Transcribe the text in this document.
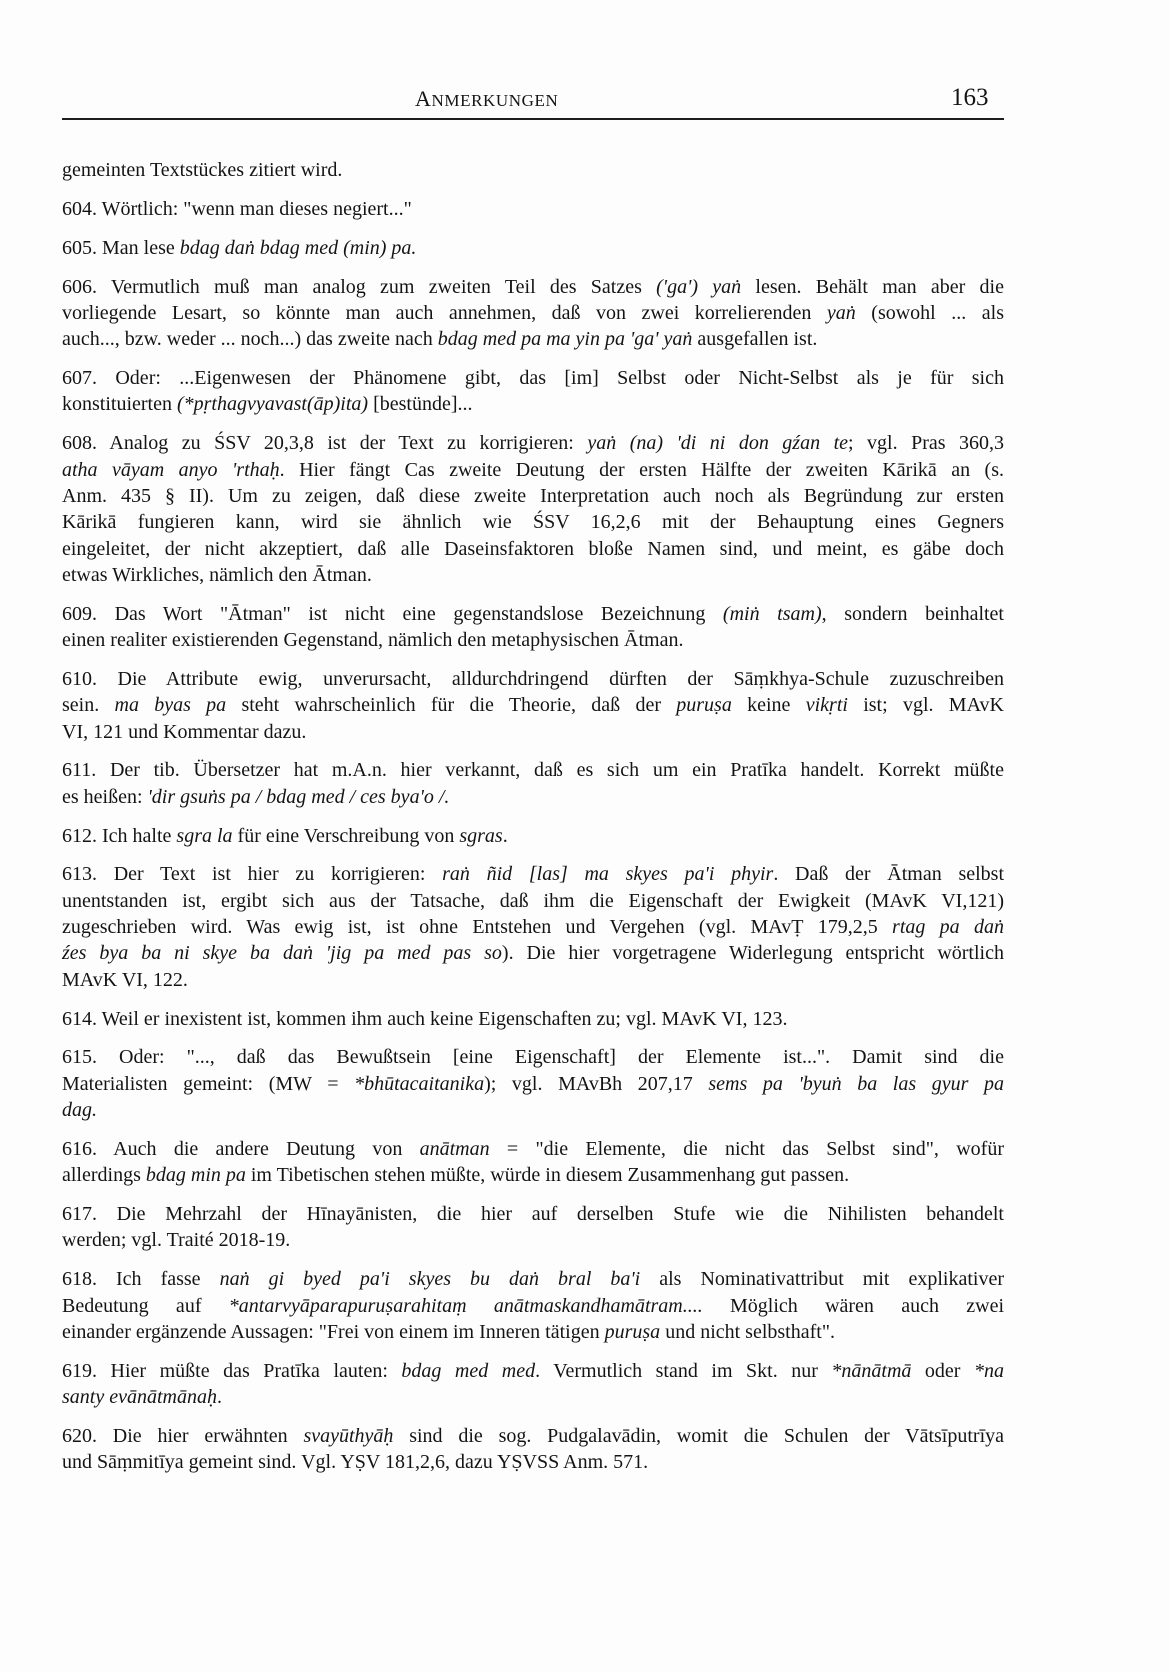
ANMERKUNGEN	163
gemeinten Textstückes zitiert wird.
604. Wörtlich: "wenn man dieses negiert..."
605. Man lese bdag daṅ bdag med (min) pa.
606. Vermutlich muß man analog zum zweiten Teil des Satzes ('ga') yaṅ lesen. Behält man aber die
vorliegende Lesart, so könnte man auch annehmen, daß von zwei korrelierenden yaṅ (sowohl ... als
auch..., bzw. weder ... noch...) das zweite nach bdag med pa ma yin pa 'ga' yaṅ ausgefallen ist.
607. Oder: ...Eigenwesen der Phänomene gibt, das [im] Selbst oder Nicht-Selbst als je für sich
konstituierten (*pṛthagvyavast(āp)ita) [bestünde]...
608. Analog zu ŚSV 20,3,8 ist der Text zu korrigieren: yaṅ (na) 'di ni don gźan te; vgl. Pras 360,3
atha vāyam anyo 'rthaḥ. Hier fängt Cas zweite Deutung der ersten Hälfte der zweiten Kārikā an (s.
Anm. 435 § II). Um zu zeigen, daß diese zweite Interpretation auch noch als Begründung zur ersten
Kārikā fungieren kann, wird sie ähnlich wie ŚSV 16,2,6 mit der Behauptung eines Gegners
eingeleitet, der nicht akzeptiert, daß alle Daseinsfaktoren bloße Namen sind, und meint, es gäbe doch
etwas Wirkliches, nämlich den Ātman.
609. Das Wort "Ātman" ist nicht eine gegenstandslose Bezeichnung (miṅ tsam), sondern beinhaltet
einen realiter existierenden Gegenstand, nämlich den metaphysischen Ātman.
610. Die Attribute ewig, unverursacht, alldurchdringend dürften der Sāṃkhya-Schule zuzuschreiben
sein. ma byas pa steht wahrscheinlich für die Theorie, daß der puruṣa keine vikṛti ist; vgl. MAvK
VI, 121 und Kommentar dazu.
611. Der tib. Übersetzer hat m.A.n. hier verkannt, daß es sich um ein Pratīka handelt. Korrekt müßte
es heißen: 'dir gsuṅs pa / bdag med / ces bya'o /.
612. Ich halte sgra la für eine Verschreibung von sgras.
613. Der Text ist hier zu korrigieren: raṅ ñid [las] ma skyes pa'i phyir. Daß der Ātman selbst
unentstanden ist, ergibt sich aus der Tatsache, daß ihm die Eigenschaft der Ewigkeit (MAvK VI,121)
zugeschrieben wird. Was ewig ist, ist ohne Entstehen und Vergehen (vgl. MAvṬ 179,2,5 rtag pa daṅ
źes bya ba ni skye ba daṅ 'jig pa med pas so). Die hier vorgetragene Widerlegung entspricht wörtlich
MAvK VI, 122.
614. Weil er inexistent ist, kommen ihm auch keine Eigenschaften zu; vgl. MAvK VI, 123.
615. Oder: "..., daß das Bewußtsein [eine Eigenschaft] der Elemente ist...". Damit sind die
Materialisten gemeint: (MW = *bhūtacaitanika); vgl. MAvBh 207,17 sems pa 'byuṅ ba las gyur pa
dag.
616. Auch die andere Deutung von anātman = "die Elemente, die nicht das Selbst sind", wofür
allerdings bdag min pa im Tibetischen stehen müßte, würde in diesem Zusammenhang gut passen.
617. Die Mehrzahl der Hīnayānisten, die hier auf derselben Stufe wie die Nihilisten behandelt
werden; vgl. Traité 2018-19.
618. Ich fasse naṅ gi byed pa'i skyes bu daṅ bral ba'i als Nominativattribut mit explikativer
Bedeutung auf *antarvyāparapuruṣarahitaṃ anātmaskandhamātram.... Möglich wären auch zwei
einander ergänzende Aussagen: "Frei von einem im Inneren tätigen puruṣa und nicht selbsthaft".
619. Hier müßte das Pratīka lauten: bdag med med. Vermutlich stand im Skt. nur *nānātmā oder *na
santy evānātmānaḥ.
620. Die hier erwähnten svayūthyāḥ sind die sog. Pudgalavādin, womit die Schulen der Vātsīputrīya
und Sāṃmitīya gemeint sind. Vgl. YṢV 181,2,6, dazu YṢVSS Anm. 571.
